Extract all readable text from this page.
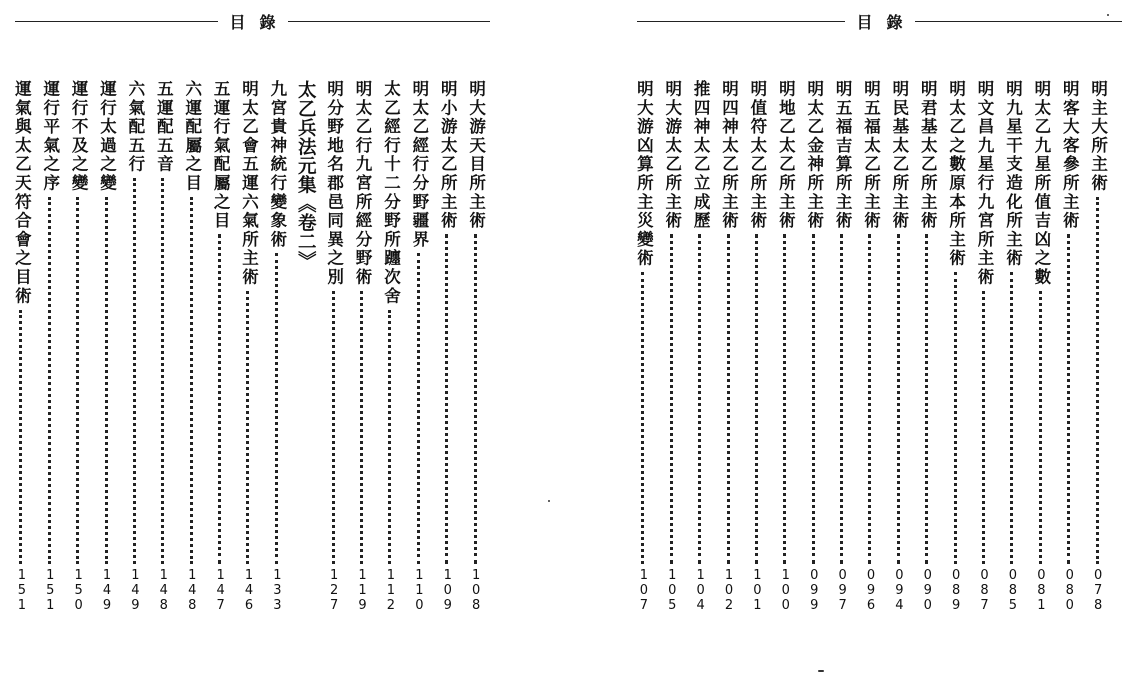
目錄
明大游天目所主術
108
明小游太乙所主術
109
明太乙經行分野疆界
110
太乙經行十二分野所躔次舍
112
明太乙行九宮所經分野術
119
明分野地名郡邑同異之別
127
太乙兵法元集《卷二》
九宮貴神統行變象術
133
明太乙會五運六氣所主術
146
五運行氣配屬之目
147
六運配屬之目
148
五運配五音
148
六氣配五行
149
運行太過之變
149
運行不及之變
150
運行平氣之序
151
運氣與太乙天符合會之目術
151
目錄
明主大所主術
078
明客大客參所主術
080
明太乙九星所值吉凶之數
081
明九星干支造化所主術
085
明文昌九星行九宮所主術
087
明太乙之數原本所主術
089
明君基太乙所主術
090
明民基太乙所主術
094
明五福太乙所主術
096
明五福吉算所主術
097
明太乙金神所主術
099
明地乙太乙所主術
100
明值符太乙所主術
101
明四神太乙所主術
102
推四神太乙立成歷
104
明大游太乙所主術
105
明大游凶算所主災變術
107
